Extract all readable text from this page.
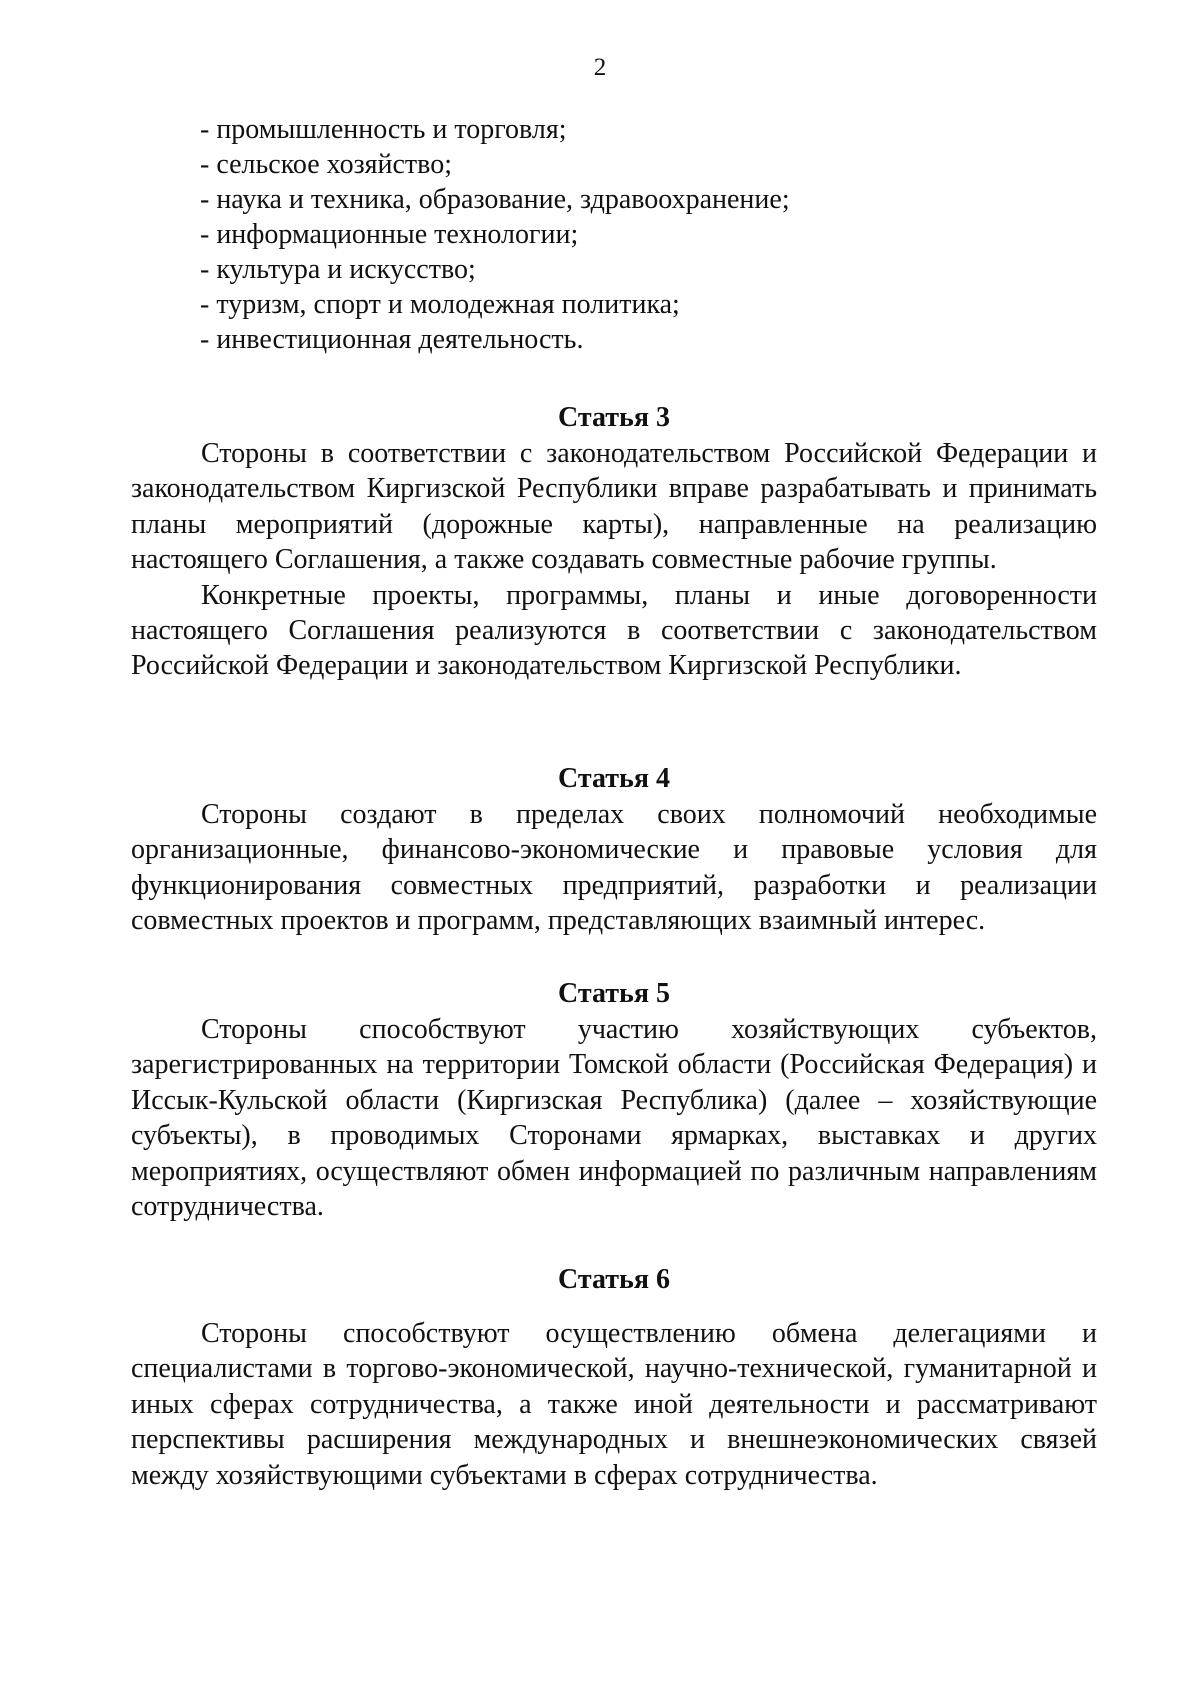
2
- промышленность и торговля;
- сельское хозяйство;
- наука и техника, образование, здравоохранение;
- информационные технологии;
- культура и искусство;
- туризм, спорт и молодежная политика;
- инвестиционная деятельность.
Статья 3

Стороны в соответствии с законодательством Российской Федерации и законодательством Киргизской Республики вправе разрабатывать и принимать планы мероприятий (дорожные карты), направленные на реализацию настоящего Соглашения, а также создавать совместные рабочие группы.

Конкретные проекты, программы, планы и иные договоренности настоящего Соглашения реализуются в соответствии с законодательством Российской Федерации и законодательством Киргизской Республики.

Статья 4

Стороны создают в пределах своих полномочий необходимые организационные, финансово-экономические и правовые условия для функционирования совместных предприятий, разработки и реализации совместных проектов и программ, представляющих взаимный интерес.

Статья 5

Стороны способствуют участию хозяйствующих субъектов, зарегистрированных на территории Томской области (Российская Федерация) и Иссык-Кульской области (Киргизская Республика) (далее – хозяйствующие субъекты), в проводимых Сторонами ярмарках, выставках и других мероприятиях, осуществляют обмен информацией по различным направлениям сотрудничества.

Статья 6

Стороны способствуют осуществлению обмена делегациями и специалистами в торгово-экономической, научно-технической, гуманитарной и иных сферах сотрудничества, а также иной деятельности и рассматривают перспективы расширения международных и внешнеэкономических связей между хозяйствующими субъектами в сферах сотрудничества.
